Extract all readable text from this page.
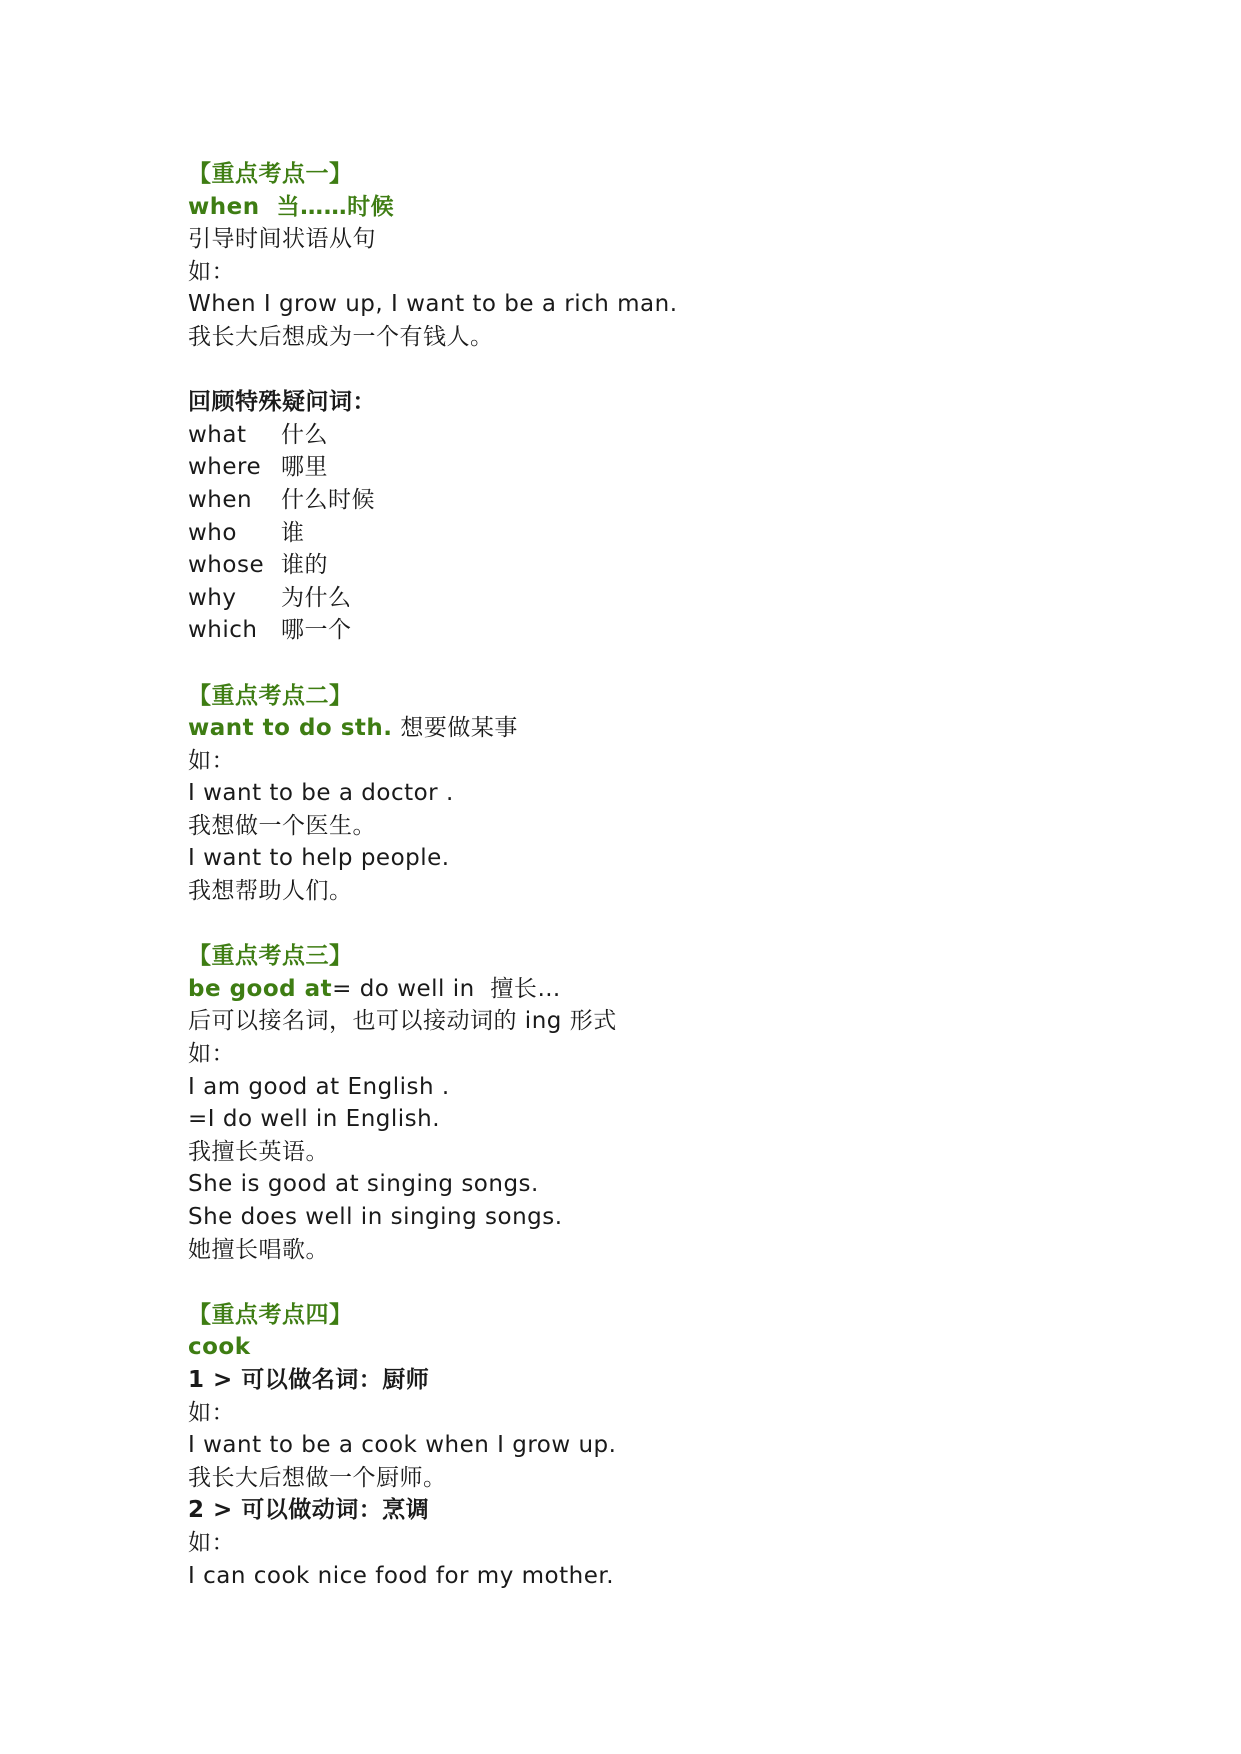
【重点考点一】
when 当……时候
引导时间状语从句
如：
When I grow up, I want to be a rich man.
我长大后想成为一个有钱人。
回顾特殊疑问词：
what 什么
where 哪里
when 什么时候
who 谁
whose 谁的
why 为什么
which 哪一个
【重点考点二】
want to do sth. 想要做某事
如：
I want to be a doctor .
我想做一个医生。
I want to help people.
我想帮助人们。
【重点考点三】
be good at= do well in  擅长…
后可以接名词，也可以接动词的 ing 形式
如：
I am good at English .
=I do well in English.
我擅长英语。
She is good at singing songs.
She does well in singing songs.
她擅长唱歌。
【重点考点四】
cook
1 > 可以做名词：厨师
如：
I want to be a cook when I grow up.
我长大后想做一个厨师。
2 > 可以做动词：烹调
如：
I can cook nice food for my mother.
